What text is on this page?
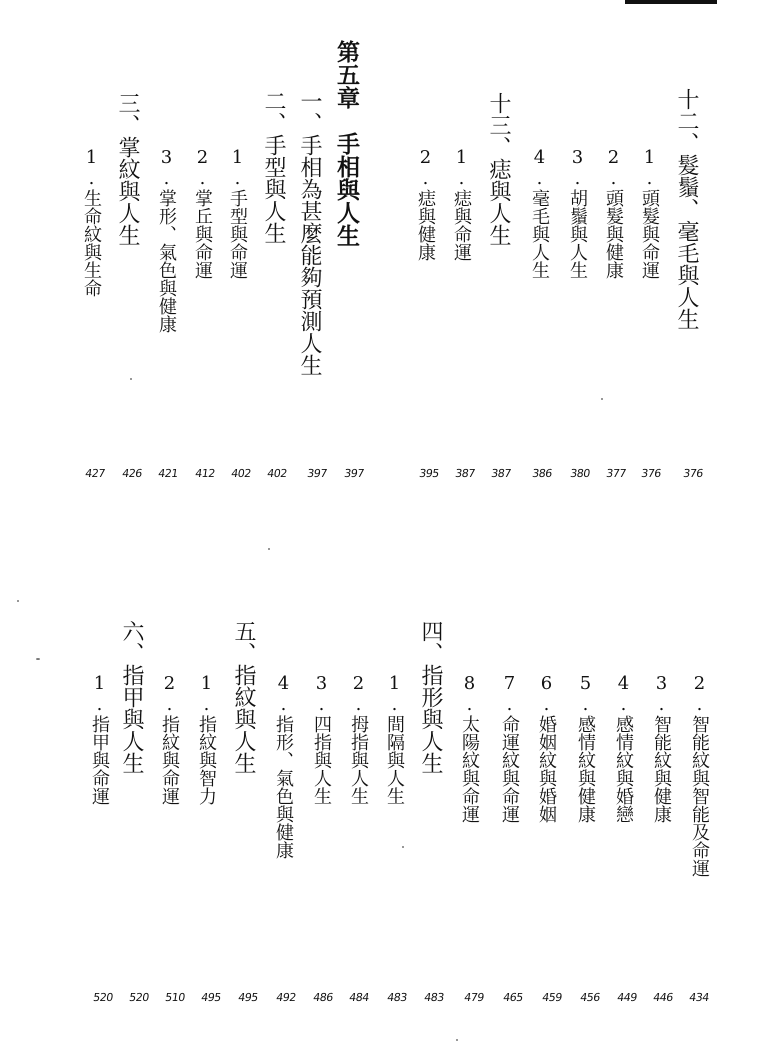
十二、髮鬚、毫毛與人生
376
1.頭髮與命運
376
2.頭髮與健康
377
3.胡鬚與人生
380
4.毫毛與人生
386
十三、痣與人生
387
1.痣與命運
387
2.痣與健康
395
第五章　手相與人生
397
一、手相為甚麼能夠預測人生
397
二、手型與人生
402
1.手型與命運
402
2.掌丘與命運
412
3.掌形、氣色與健康
421
三、掌紋與人生
426
1.生命紋與生命
427
2.智能紋與智能及命運
434
3.智能紋與健康
446
4.感情紋與婚戀
449
5.感情紋與健康
456
6.婚姻紋與婚姻
459
7.命運紋與命運
465
8.太陽紋與命運
479
四、指形與人生
483
1.間隔與人生
483
2.拇指與人生
484
3.四指與人生
486
4.指形、氣色與健康
492
五、指紋與人生
495
1.指紋與智力
495
2.指紋與命運
510
六、指甲與人生
520
1.指甲與命運
520
